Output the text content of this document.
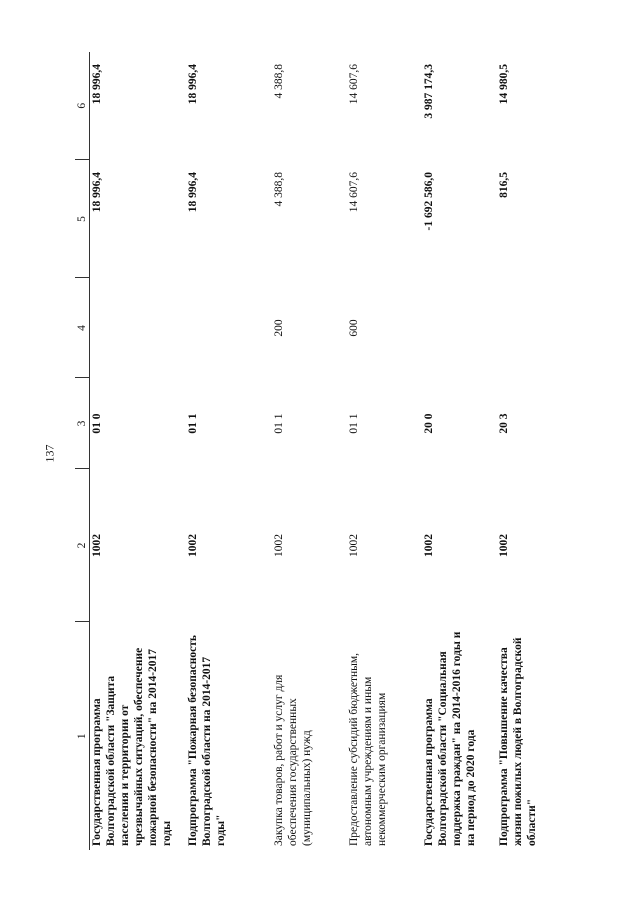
137
1	2	3	4	5	6
Государственная программа Волгоградской области "Защита населения и территории от чрезвычайных ситуаций, обеспечение пожарной безопасности" на 2014-2017 годы	1002	01 0		18 996,4	18 996,4
Подпрограмма "Пожарная безопасность Волгоградской области на 2014-2017 годы"	1002	01 1		18 996,4	18 996,4
Закупка товаров, работ и услуг для обеспечения государственных (муниципальных) нужд	1002	01 1	200	4 388,8	4 388,8
Предоставление субсидий бюджетным, автономным учреждениям и иным некоммерческим организациям	1002	01 1	600	14 607,6	14 607,6
Государственная программа Волгоградской области "Социальная поддержка граждан" на 2014-2016 годы и на период до 2020 года	1002	20 0		-1 692 586,0	3 987 174,3
Подпрограмма "Повышение качества жизни пожилых людей в Волгоградской области"	1002	20 3		816,5	14 980,5
